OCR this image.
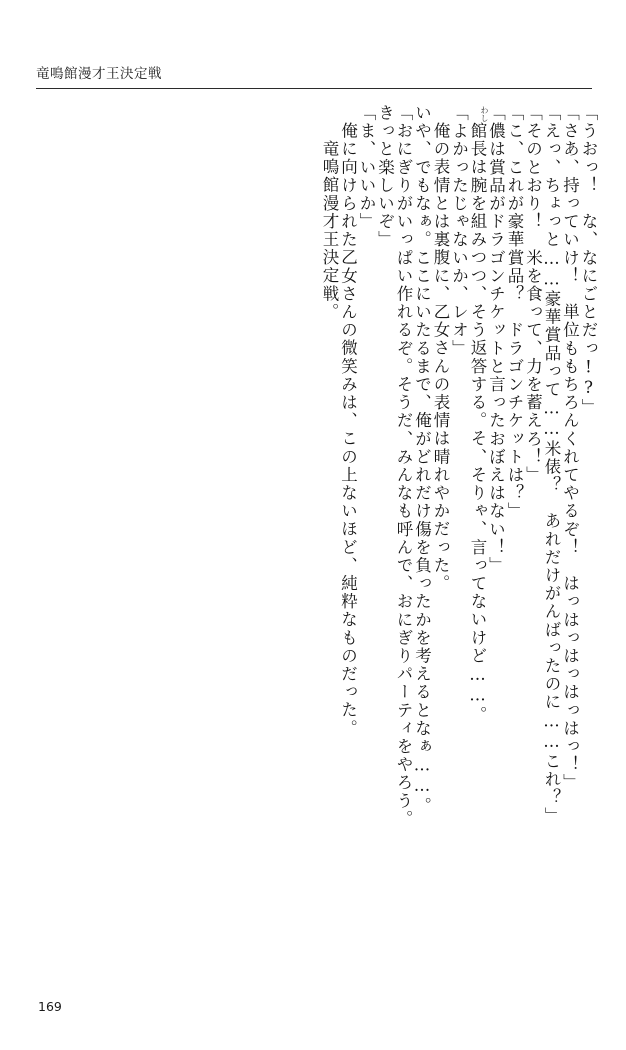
竜鳴館漫才王決定戦
「うおっ！　な、なにごとだっ!?」
「さあ、持っていけ！　単位ももちろんくれてやるぞ！　はっはっはっはっはっ！」
「えっ、ちょっと……豪華賞品って……米俵？　あれだけがんばったのに……これ？」
「そのとおり！　米を食って、力を蓄えろ！」
「こ、これが豪華賞品？　ドラゴンチケットは？」
「儂は賞品がドラゴンチケットと言ったおぼえはない！」
わし
館長は腕を組みつつ、そう返答する。そ、そりゃ、言ってないけど……。
「よかったじゃないか、レオ」
俺の表情とは裏腹に、乙女さんの表情は晴れやかだった。
いや、でもなぁ。ここにいたるまで、俺がどれだけ傷を負ったかを考えるとなぁ……。
「おにぎりがいっぱい作れるぞ。そうだ、みんなも呼んで、おにぎりパーティをやろう。
きっと楽しいぞ」
「ま、いいか」
俺に向けられた乙女さんの微笑みは、この上ないほど、純粋なものだった。
竜鳴館漫才王決定戦。
169
